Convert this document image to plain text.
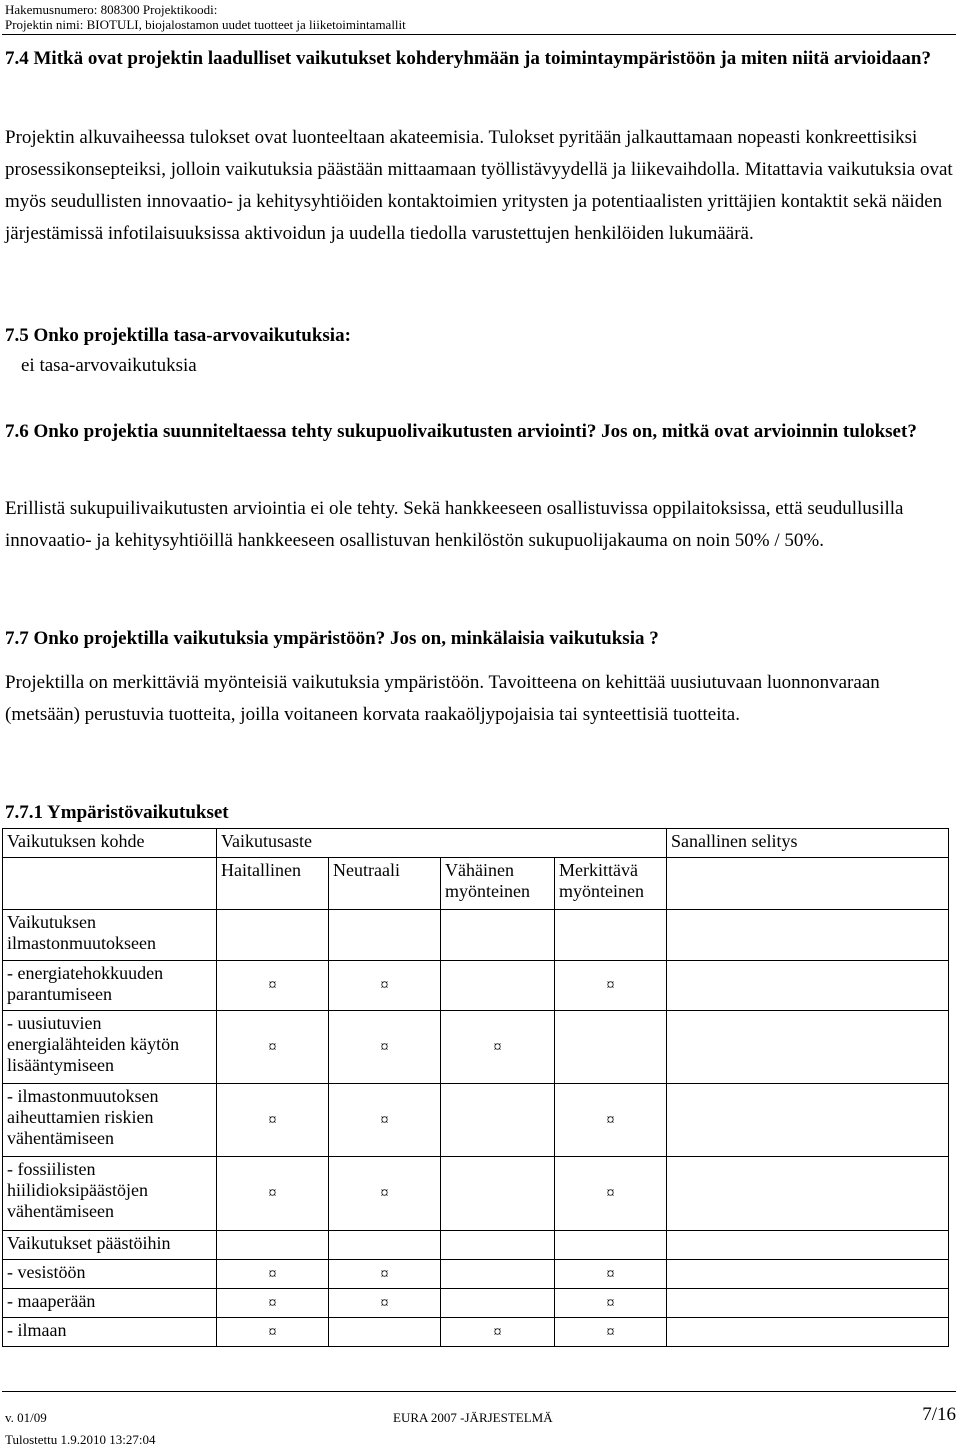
Hakemusnumero: 808300 Projektikoodi:
Projektin nimi: BIOTULI, biojalostamon uudet tuotteet ja liiketoimintamallit
7.4 Mitkä ovat projektin laadulliset vaikutukset kohderyhmään ja toimintaympäristöön ja miten niitä arvioidaan?
Projektin alkuvaiheessa tulokset ovat luonteeltaan akateemisia. Tulokset pyritään jalkauttamaan nopeasti konkreettisiksi prosessikonsepteiksi, jolloin vaikutuksia päästään mittaamaan työllistävyydellä ja liikevaihdolla. Mitattavia vaikutuksia ovat myös seudullisten innovaatio- ja kehitysyhtiöiden kontaktoimien yritysten ja potentiaalisten yrittäjien kontaktit sekä näiden järjestämissä infotilaisuuksissa aktivoidun ja uudella tiedolla varustettujen henkilöiden lukumäärä.
7.5 Onko projektilla tasa-arvovaikutuksia:
ei tasa-arvovaikutuksia
7.6 Onko projektia suunniteltaessa tehty sukupuolivaikutusten arviointi? Jos on, mitkä ovat arvioinnin tulokset?
Erillistä sukupuilivaikutusten arviointia ei ole tehty. Sekä hankkeeseen osallistuvissa oppilaitoksissa, että seudullusilla innovaatio- ja kehitysyhtiöillä hankkeeseen osallistuvan henkilöstön sukupuolijakauma on noin 50% / 50%.
7.7 Onko projektilla vaikutuksia ympäristöön? Jos on, minkälaisia vaikutuksia ?
Projektilla on merkittäviä myönteisiä vaikutuksia ympäristöön. Tavoitteena on kehittää uusiutuvaan luonnonvaraan (metsään) perustuvia tuotteita, joilla voitaneen korvata raakaöljypojaisia tai synteettisiä tuotteita.
7.7.1 Ympäristövaikutukset
Vaikutuksen kohde	Vaikutusaste				Sanallinen selitys
	Haitallinen	Neutraali	Vähäinen myönteinen	Merkittävä myönteinen	
Vaikutuksen ilmastonmuutokseen					
- energiatehokkuuden parantumiseen	¤	¤		¤	
- uusiutuvien energialähteiden käytön lisääntymiseen	¤	¤	¤		
- ilmastonmuutoksen aiheuttamien riskien vähentämiseen	¤	¤		¤	
- fossiilisten hiilidioksipäästöjen vähentämiseen	¤	¤		¤	
Vaikutukset päästöihin					
- vesistöön	¤	¤		¤	
- maaperään	¤	¤		¤	
- ilmaan	¤		¤	¤	
v. 01/09	EURA 2007 -JÄRJESTELMÄ	7/16
Tulostettu 1.9.2010 13:27:04
